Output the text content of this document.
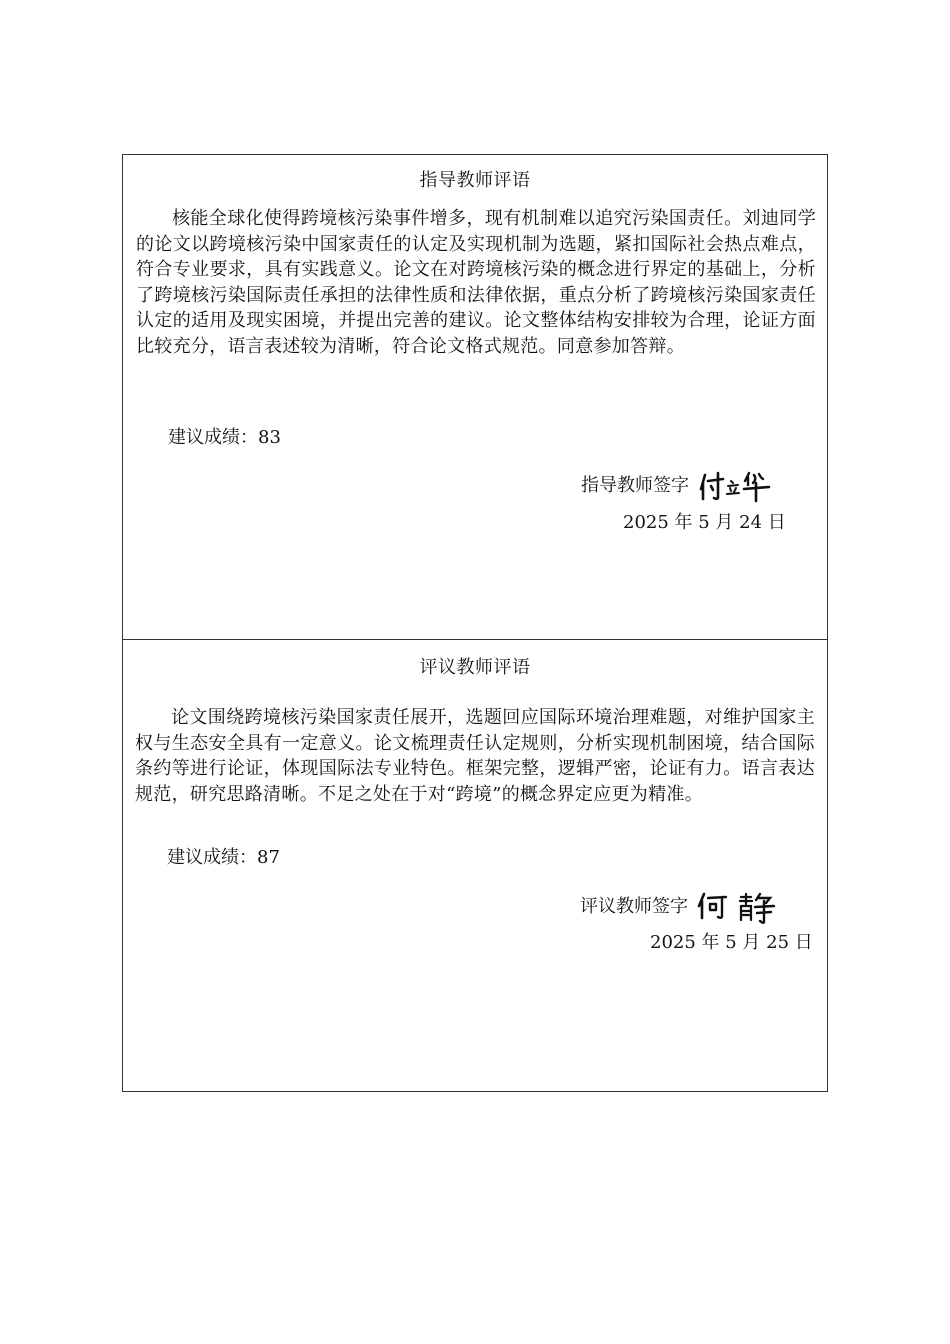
指导教师评语

核能全球化使得跨境核污染事件增多，现有机制难以追究污染国责任。刘迪同学的论文以跨境核污染中国家责任的认定及实现机制为选题，紧扣国际社会热点难点，符合专业要求，具有实践意义。论文在对跨境核污染的概念进行界定的基础上，分析了跨境核污染国际责任承担的法律性质和法律依据，重点分析了跨境核污染国家责任认定的适用及现实困境，并提出完善的建议。论文整体结构安排较为合理，论证方面比较充分，语言表述较为清晰，符合论文格式规范。同意参加答辩。

建议成绩：83
指导教师签字
2025 年 5 月 24 日
评议教师评语

论文围绕跨境核污染国家责任展开，选题回应国际环境治理难题，对维护国家主权与生态安全具有一定意义。论文梳理责任认定规则，分析实现机制困境，结合国际条约等进行论证，体现国际法专业特色。框架完整，逻辑严密，论证有力。语言表达规范，研究思路清晰。不足之处在于对“跨境”的概念界定应更为精准。

建议成绩：87
评议教师签字
2025 年 5 月 25 日
